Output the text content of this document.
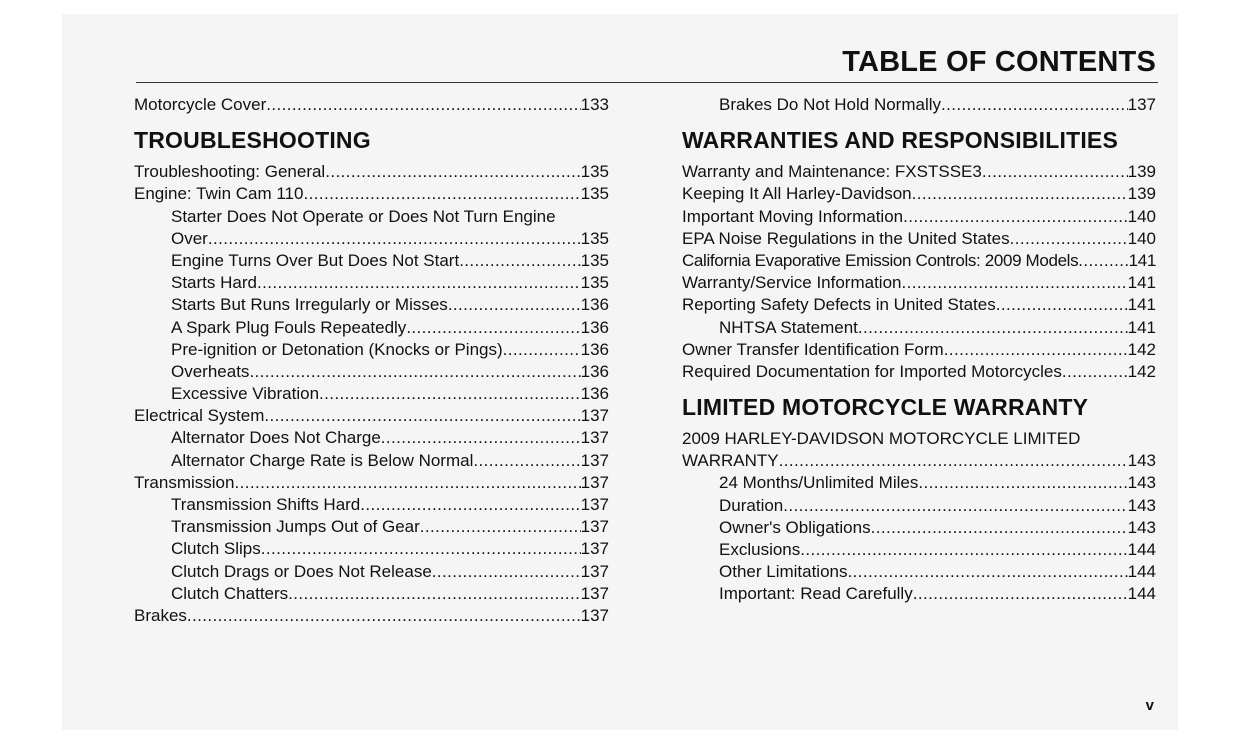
TABLE OF CONTENTS
Motorcycle Cover .....	133
TROUBLESHOOTING
Troubleshooting: General .....	135
Engine: Twin Cam 110 .....	135
Starter Does Not Operate or Does Not Turn Engine
Over .....	135
Engine Turns Over But Does Not Start .....	135
Starts Hard .....	135
Starts But Runs Irregularly or Misses .....	136
A Spark Plug Fouls Repeatedly .....	136
Pre-ignition or Detonation (Knocks or Pings) .....	136
Overheats .....	136
Excessive Vibration .....	136
Electrical System .....	137
Alternator Does Not Charge .....	137
Alternator Charge Rate is Below Normal .....	137
Transmission .....	137
Transmission Shifts Hard .....	137
Transmission Jumps Out of Gear .....	137
Clutch Slips .....	137
Clutch Drags or Does Not Release .....	137
Clutch Chatters .....	137
Brakes .....	137
Brakes Do Not Hold Normally .....	137
WARRANTIES AND RESPONSIBILITIES
Warranty and Maintenance: FXSTSSE3 .....	139
Keeping It All Harley-Davidson .....	139
Important Moving Information .....	140
EPA Noise Regulations in the United States .....	140
California Evaporative Emission Controls: 2009 Models .....	141
Warranty/Service Information .....	141
Reporting Safety Defects in United States .....	141
NHTSA Statement .....	141
Owner Transfer Identification Form .....	142
Required Documentation for Imported Motorcycles .....	142
LIMITED MOTORCYCLE WARRANTY
2009 HARLEY-DAVIDSON MOTORCYCLE LIMITED
WARRANTY .....	143
24 Months/Unlimited Miles .....	143
Duration .....	143
Owner's Obligations .....	143
Exclusions .....	144
Other Limitations .....	144
Important: Read Carefully .....	144
v
